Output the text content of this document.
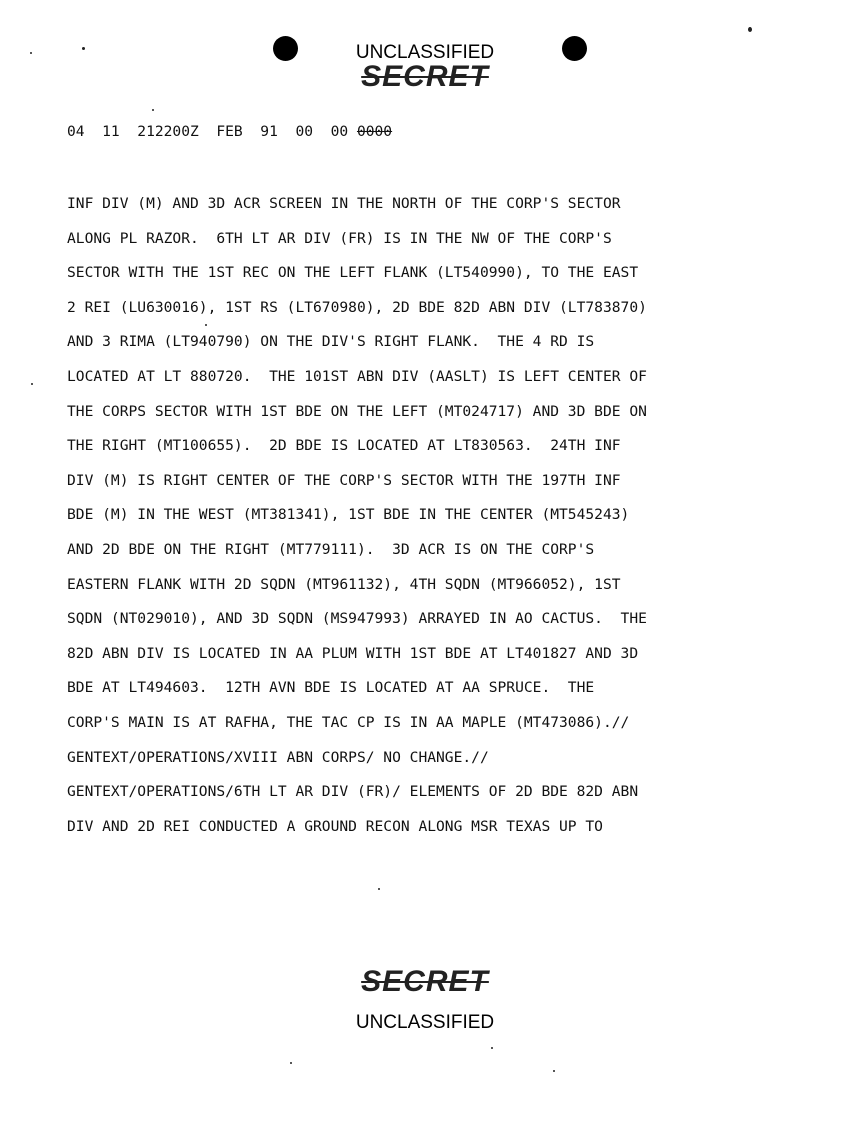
UNCLASSIFIED
SECRET
04  11  212200Z  FEB  91  00  00 0000
INF DIV (M) AND 3D ACR SCREEN IN THE NORTH OF THE CORP'S SECTOR
ALONG PL RAZOR.  6TH LT AR DIV (FR) IS IN THE NW OF THE CORP'S
SECTOR WITH THE 1ST REC ON THE LEFT FLANK (LT540990), TO THE EAST
2 REI (LU630016), 1ST RS (LT670980), 2D BDE 82D ABN DIV (LT783870)
AND 3 RIMA (LT940790) ON THE DIV'S RIGHT FLANK.  THE 4 RD IS
LOCATED AT LT 880720.  THE 101ST ABN DIV (AASLT) IS LEFT CENTER OF
THE CORPS SECTOR WITH 1ST BDE ON THE LEFT (MT024717) AND 3D BDE ON
THE RIGHT (MT100655).  2D BDE IS LOCATED AT LT830563.  24TH INF
DIV (M) IS RIGHT CENTER OF THE CORP'S SECTOR WITH THE 197TH INF
BDE (M) IN THE WEST (MT381341), 1ST BDE IN THE CENTER (MT545243)
AND 2D BDE ON THE RIGHT (MT779111).  3D ACR IS ON THE CORP'S
EASTERN FLANK WITH 2D SQDN (MT961132), 4TH SQDN (MT966052), 1ST
SQDN (NT029010), AND 3D SQDN (MS947993) ARRAYED IN AO CACTUS.  THE
82D ABN DIV IS LOCATED IN AA PLUM WITH 1ST BDE AT LT401827 AND 3D
BDE AT LT494603.  12TH AVN BDE IS LOCATED AT AA SPRUCE.  THE
CORP'S MAIN IS AT RAFHA, THE TAC CP IS IN AA MAPLE (MT473086).//
GENTEXT/OPERATIONS/XVIII ABN CORPS/ NO CHANGE.//
GENTEXT/OPERATIONS/6TH LT AR DIV (FR)/ ELEMENTS OF 2D BDE 82D ABN
DIV AND 2D REI CONDUCTED A GROUND RECON ALONG MSR TEXAS UP TO
SECRET
UNCLASSIFIED
